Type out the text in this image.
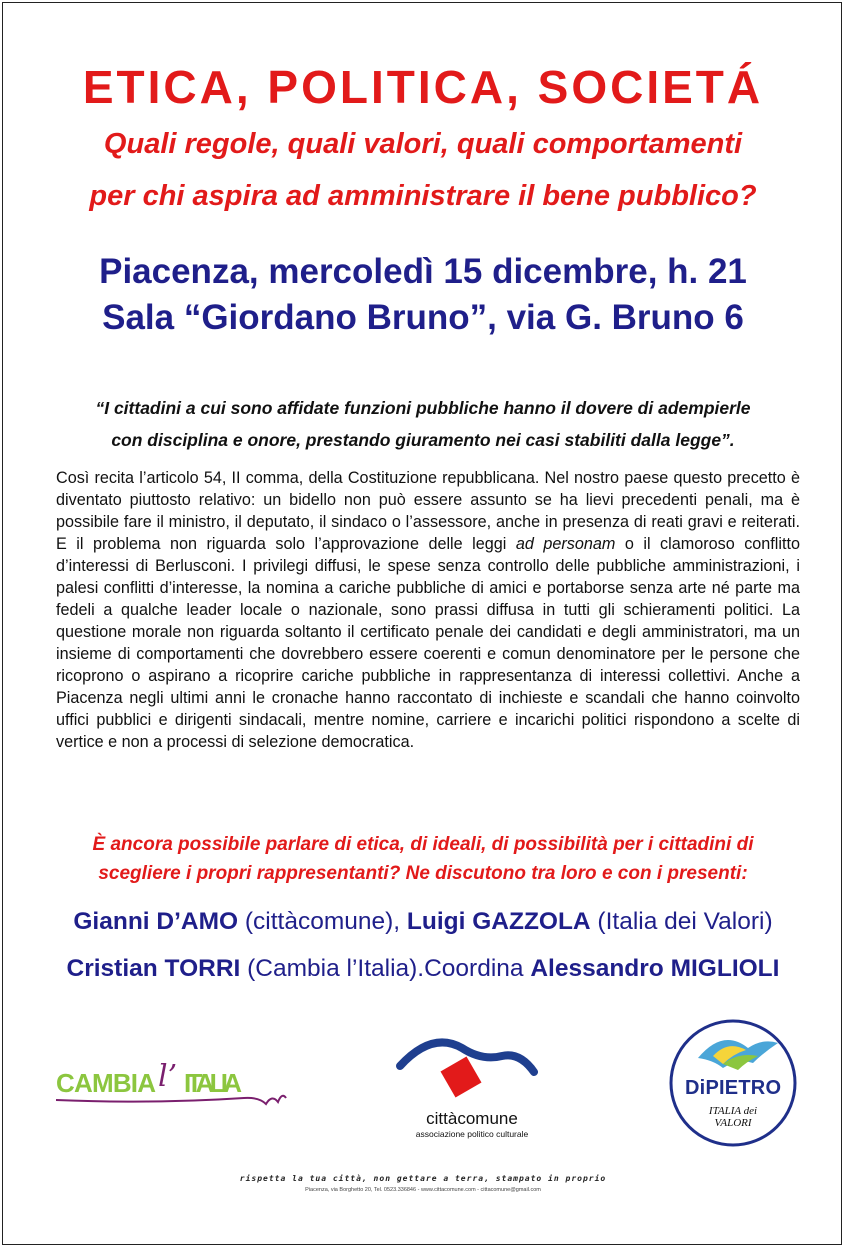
ETICA, POLITICA, SOCIETÁ
Quali regole, quali valori, quali comportamenti
per chi aspira ad amministrare il bene pubblico?
Piacenza, mercoledì 15 dicembre, h. 21
Sala “Giordano Bruno”, via G. Bruno 6
“I cittadini a cui sono affidate funzioni pubbliche hanno il dovere di adempierle
con disciplina e onore, prestando giuramento nei casi stabiliti dalla legge”.
Così recita l’articolo 54, II comma, della Costituzione repubblicana. Nel nostro paese questo precetto è diventato piuttosto relativo: un bidello non può essere assunto se ha lievi precedenti penali, ma è possibile fare il ministro, il deputato, il sindaco o l’assessore, anche in presenza di reati gravi e reiterati. E il problema non riguarda solo l’approvazione delle leggi ad personam o il clamoroso conflitto d’interessi di Berlusconi. I privilegi diffusi, le spese senza controllo delle pubbliche amministrazioni, i palesi conflitti d’interesse, la nomina a cariche pubbliche di amici e portaborse senza arte né parte ma fedeli a qualche leader locale o nazionale, sono prassi diffusa in tutti gli schieramenti politici. La questione morale non riguarda soltanto il certificato penale dei candidati e degli amministratori, ma un insieme di comportamenti che dovrebbero essere coerenti e comun denominatore per le persone che ricoprono o aspirano a ricoprire cariche pubbliche in rappresentanza di interessi collettivi. Anche a Piacenza negli ultimi anni le cronache hanno raccontato di inchieste e scandali che hanno coinvolto uffici pubblici e dirigenti sindacali, mentre nomine, carriere e incarichi politici rispondono a scelte di vertice e non a processi di selezione democratica.
È ancora possibile parlare di etica, di ideali, di possibilità per i cittadini di
scegliere i propri rappresentanti? Ne discutono tra loro e con i presenti:
Gianni D’AMO (cittàcomune), Luigi GAZZOLA (Italia dei Valori)
Cristian TORRI (Cambia l’Italia).Coordina Alessandro MIGLIOLI
CAMBIA l’ ITALIA
cittàcomune
associazione politico culturale
DiPIETRO
ITALIA dei
VALORI
rispetta la tua città, non gettare a terra, stampato in proprio
Piacenza, via Borghetto 20, Tel. 0523.336846 - www.cittacomune.com - cittacomune@gmail.com
